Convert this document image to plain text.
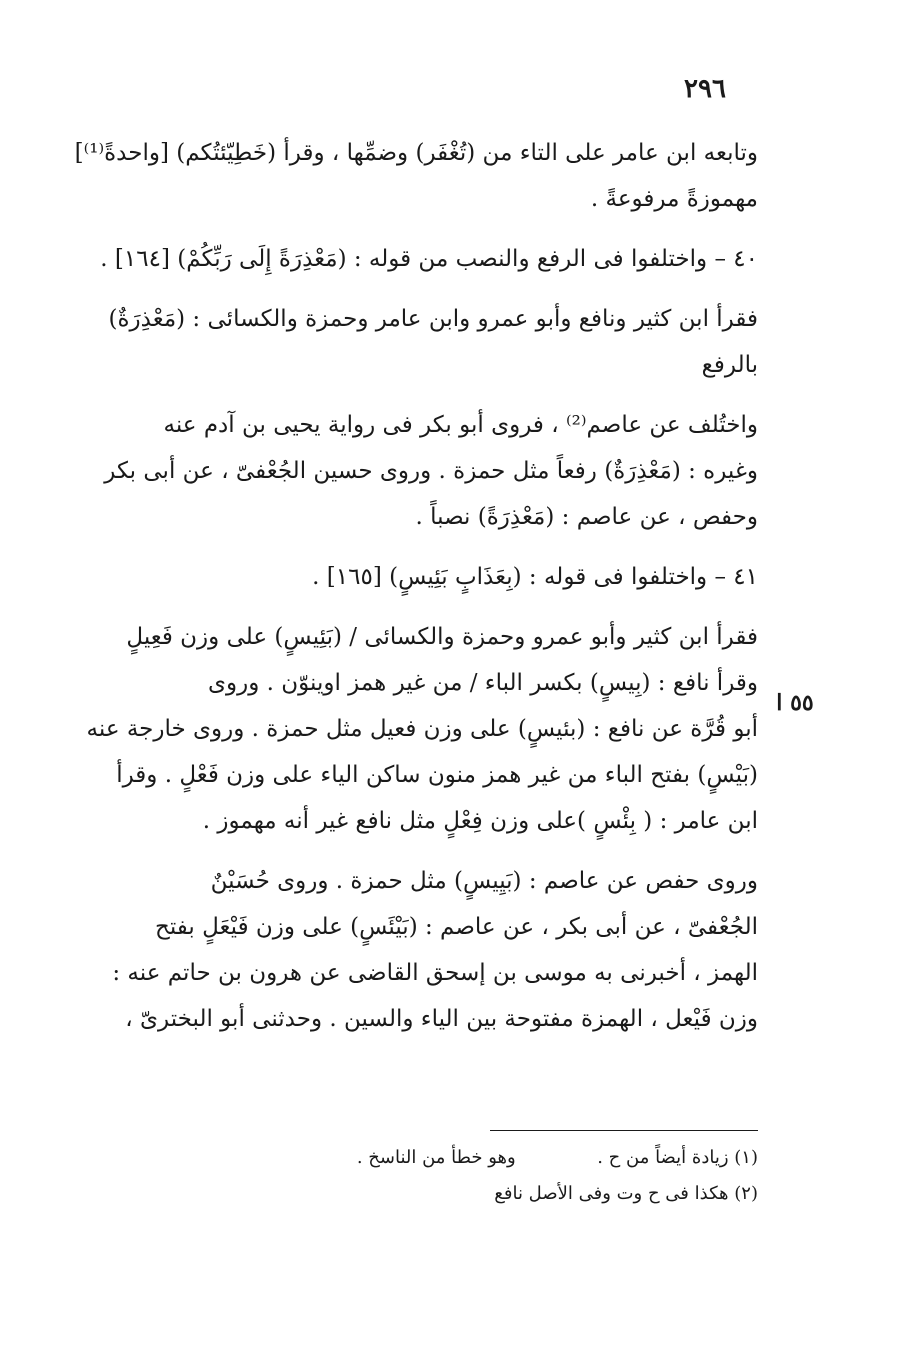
٢٩٦
٥٥ ا
وتابعه ابن عامر على التاء من (تُغْفَر) وضمِّها ، وقرأ (خَطِيّئتُكم) [واحدةً⁽¹⁾]
مهموزةً مرفوعةً .
٤٠ – واختلفوا فى الرفع والنصب من قوله : (مَعْذِرَةً إِلَى رَبِّكُمْ) [١٦٤] .
فقرأ ابن كثير ونافع وأبو عمرو وابن عامر وحمزة والكسائى : (مَعْذِرَةٌ)
بالرفع
واختُلف عن عاصم⁽²⁾ ، فروى أبو بكر فى رواية يحيى بن آدم عنه
وغيره : (مَعْذِرَةٌ) رفعاً مثل حمزة . وروى حسين الجُعْفىّ ، عن أبى بكر
وحفص ، عن عاصم : (مَعْذِرَةً) نصباً .
٤١ – واختلفوا فى قوله : (بِعَذَابٍ بَئِيسٍ) [١٦٥] .
فقرأ ابن كثير وأبو عمرو وحمزة والكسائى / (بَئِيسٍ) على وزن فَعِيلٍ
وقرأ نافع : (بِيسٍ) بكسر الباء / من غير همز اوينوّن . وروى
أبو قُرَّة عن نافع : (بئيسٍ) على وزن فعيل مثل حمزة . وروى خارجة عنه
(بَيْسٍ) بفتح الباء من غير همز منون ساكن الياء على وزن فَعْلٍ . وقرأ
ابن عامر : ( بِئْسٍ )على وزن فِعْلٍ مثل نافع غير أنه مهموز .
وروى حفص عن عاصم : (بَيِيسٍ) مثل حمزة . وروى حُسَيْنٌ
الجُعْفىّ ، عن أبى بكر ، عن عاصم : (بَيْئَسٍ) على وزن فَيْعَلٍ بفتح
الهمز ، أخبرنى به موسى بن إسحق القاضى عن هرون بن حاتم عنه :
وزن فَيْعل ، الهمزة مفتوحة بين الياء والسين . وحدثنى أبو البخترىّ ،
(١) زيادة أيضاً من ح .  وهو خطأ من الناسخ .
(٢) هكذا فى ح وت وفى الأصل نافع
